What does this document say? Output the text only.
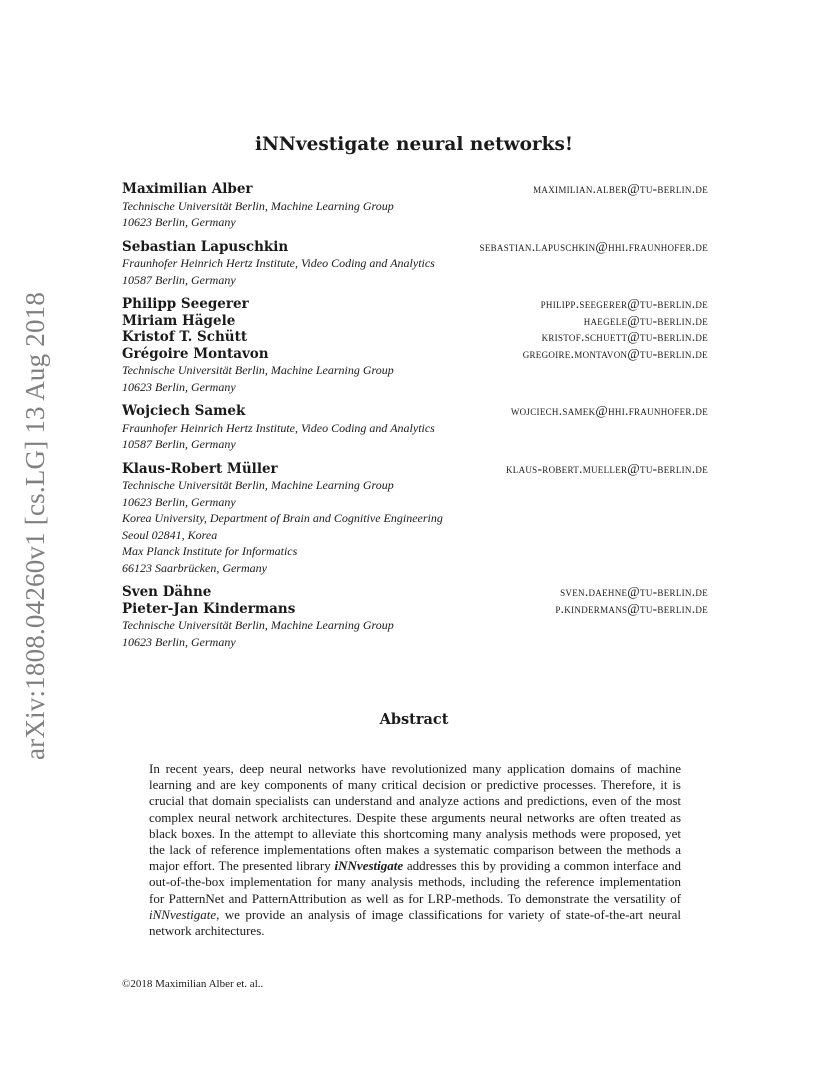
arXiv:1808.04260v1 [cs.LG] 13 Aug 2018
iNNvestigate neural networks!
Maximilian Alber	maximilian.alber@tu-berlin.de
Technische Universität Berlin, Machine Learning Group
10623 Berlin, Germany
Sebastian Lapuschkin	sebastian.lapuschkin@hhi.fraunhofer.de
Fraunhofer Heinrich Hertz Institute, Video Coding and Analytics
10587 Berlin, Germany
Philipp Seegerer	philipp.seegerer@tu-berlin.de
Miriam Hägele	haegele@tu-berlin.de
Kristof T. Schütt	kristof.schuett@tu-berlin.de
Grégoire Montavon	gregoire.montavon@tu-berlin.de
Technische Universität Berlin, Machine Learning Group
10623 Berlin, Germany
Wojciech Samek	wojciech.samek@hhi.fraunhofer.de
Fraunhofer Heinrich Hertz Institute, Video Coding and Analytics
10587 Berlin, Germany
Klaus-Robert Müller	klaus-robert.mueller@tu-berlin.de
Technische Universität Berlin, Machine Learning Group
10623 Berlin, Germany
Korea University, Department of Brain and Cognitive Engineering
Seoul 02841, Korea
Max Planck Institute for Informatics
66123 Saarbrücken, Germany
Sven Dähne	sven.daehne@tu-berlin.de
Pieter-Jan Kindermans	p.kindermans@tu-berlin.de
Technische Universität Berlin, Machine Learning Group
10623 Berlin, Germany
Abstract
In recent years, deep neural networks have revolutionized many application domains of machine learning and are key components of many critical decision or predictive processes. Therefore, it is crucial that domain specialists can understand and analyze actions and predictions, even of the most complex neural network architectures. Despite these arguments neural networks are often treated as black boxes. In the attempt to alleviate this shortcoming many analysis methods were proposed, yet the lack of reference implementations often makes a systematic comparison between the methods a major effort. The presented library iNNvestigate addresses this by providing a common interface and out-of-the-box implementation for many analysis methods, including the reference implementation for PatternNet and PatternAttribution as well as for LRP-methods. To demonstrate the versatility of iNNvestigate, we provide an analysis of image classifications for variety of state-of-the-art neural network architectures.
©2018 Maximilian Alber et. al..
